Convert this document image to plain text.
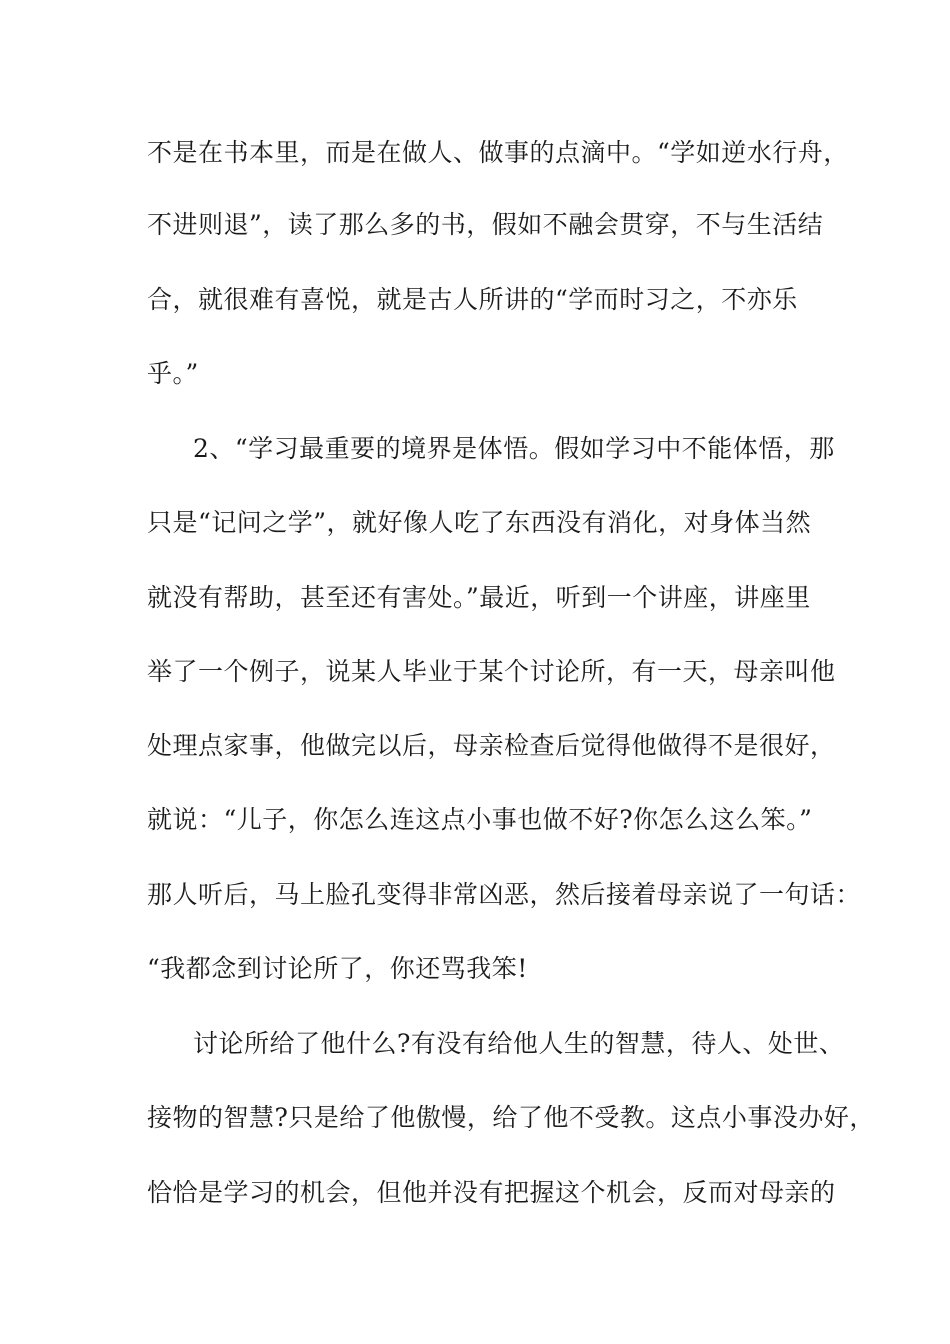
不是在书本里，而是在做人、做事的点滴中。“学如逆水行舟，

不进则退”，读了那么多的书，假如不融会贯穿，不与生活结

合，就很难有喜悦，就是古人所讲的“学而时习之，不亦乐

乎。”

2、“学习最重要的境界是体悟。假如学习中不能体悟，那

只是“记问之学”，就好像人吃了东西没有消化，对身体当然

就没有帮助，甚至还有害处。”最近，听到一个讲座，讲座里

举了一个例子，说某人毕业于某个讨论所，有一天，母亲叫他

处理点家事，他做完以后，母亲检查后觉得他做得不是很好，

就说：“儿子，你怎么连这点小事也做不好?你怎么这么笨。”

那人听后，马上脸孔变得非常凶恶，然后接着母亲说了一句话：

“我都念到讨论所了，你还骂我笨!

讨论所给了他什么?有没有给他人生的智慧，待人、处世、

接物的智慧?只是给了他傲慢，给了他不受教。这点小事没办好，

恰恰是学习的机会，但他并没有把握这个机会，反而对母亲的
